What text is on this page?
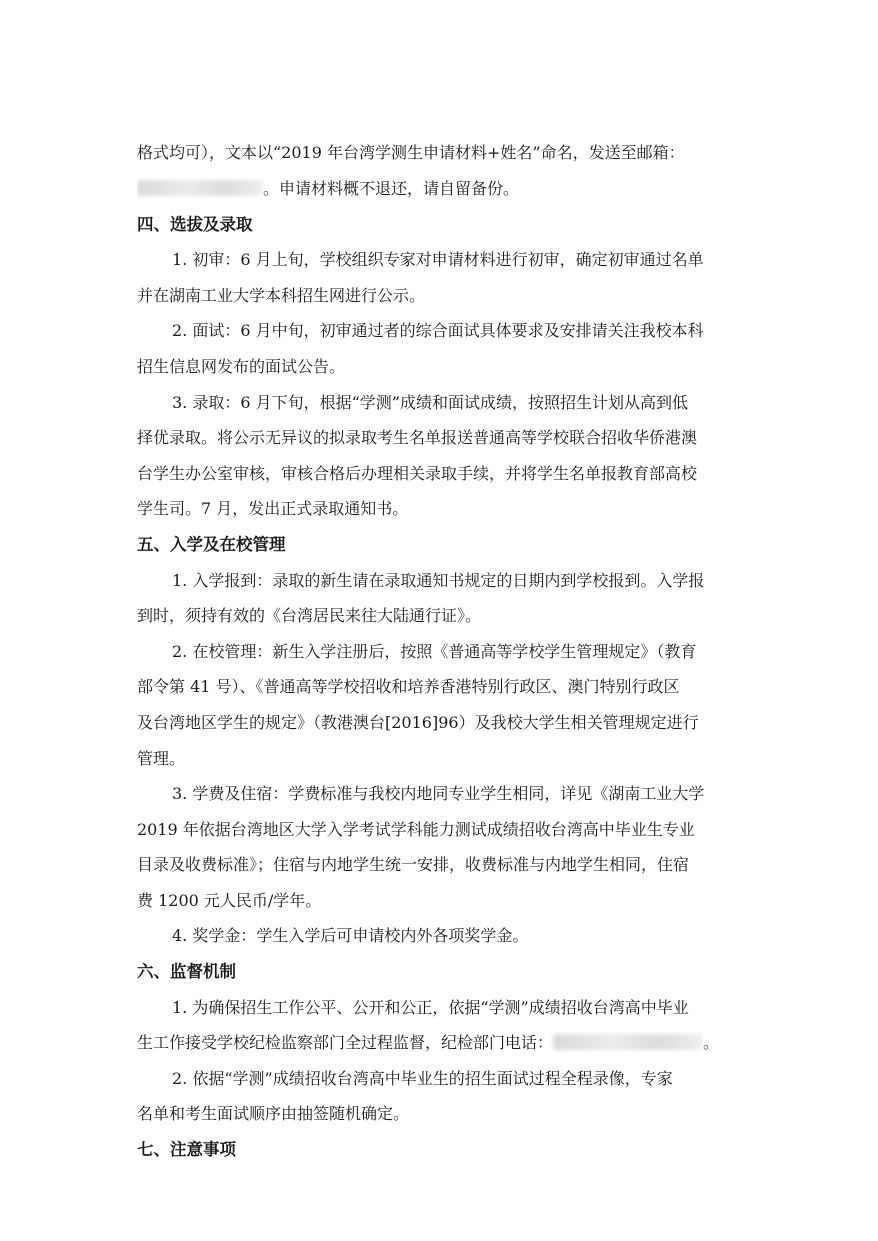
格式均可），文本以“2019 年台湾学测生申请材料+姓名”命名，发送至邮箱：
。申请材料概不退还，请自留备份。
四、选拔及录取
1. 初审：6 月上旬，学校组织专家对申请材料进行初审，确定初审通过名单
并在湖南工业大学本科招生网进行公示。
2. 面试：6 月中旬，初审通过者的综合面试具体要求及安排请关注我校本科
招生信息网发布的面试公告。
3. 录取：6 月下旬，根据“学测”成绩和面试成绩，按照招生计划从高到低
择优录取。将公示无异议的拟录取考生名单报送普通高等学校联合招收华侨港澳
台学生办公室审核，审核合格后办理相关录取手续，并将学生名单报教育部高校
学生司。7 月，发出正式录取通知书。
五、入学及在校管理
1. 入学报到：录取的新生请在录取通知书规定的日期内到学校报到。入学报
到时，须持有效的《台湾居民来往大陆通行证》。
2. 在校管理：新生入学注册后，按照《普通高等学校学生管理规定》（教育
部令第 41 号）、《普通高等学校招收和培养香港特别行政区、澳门特别行政区
及台湾地区学生的规定》（教港澳台[2016]96）及我校大学生相关管理规定进行
管理。
3. 学费及住宿：学费标准与我校内地同专业学生相同，详见《湖南工业大学
2019 年依据台湾地区大学入学考试学科能力测试成绩招收台湾高中毕业生专业
目录及收费标准》；住宿与内地学生统一安排，收费标准与内地学生相同，住宿
费 1200 元人民币/学年。
4. 奖学金：学生入学后可申请校内外各项奖学金。
六、监督机制
1. 为确保招生工作公平、公开和公正，依据“学测”成绩招收台湾高中毕业
生工作接受学校纪检监察部门全过程监督，纪检部门电话：	。
2. 依据“学测”成绩招收台湾高中毕业生的招生面试过程全程录像，专家
名单和考生面试顺序由抽签随机确定。
七、注意事项
